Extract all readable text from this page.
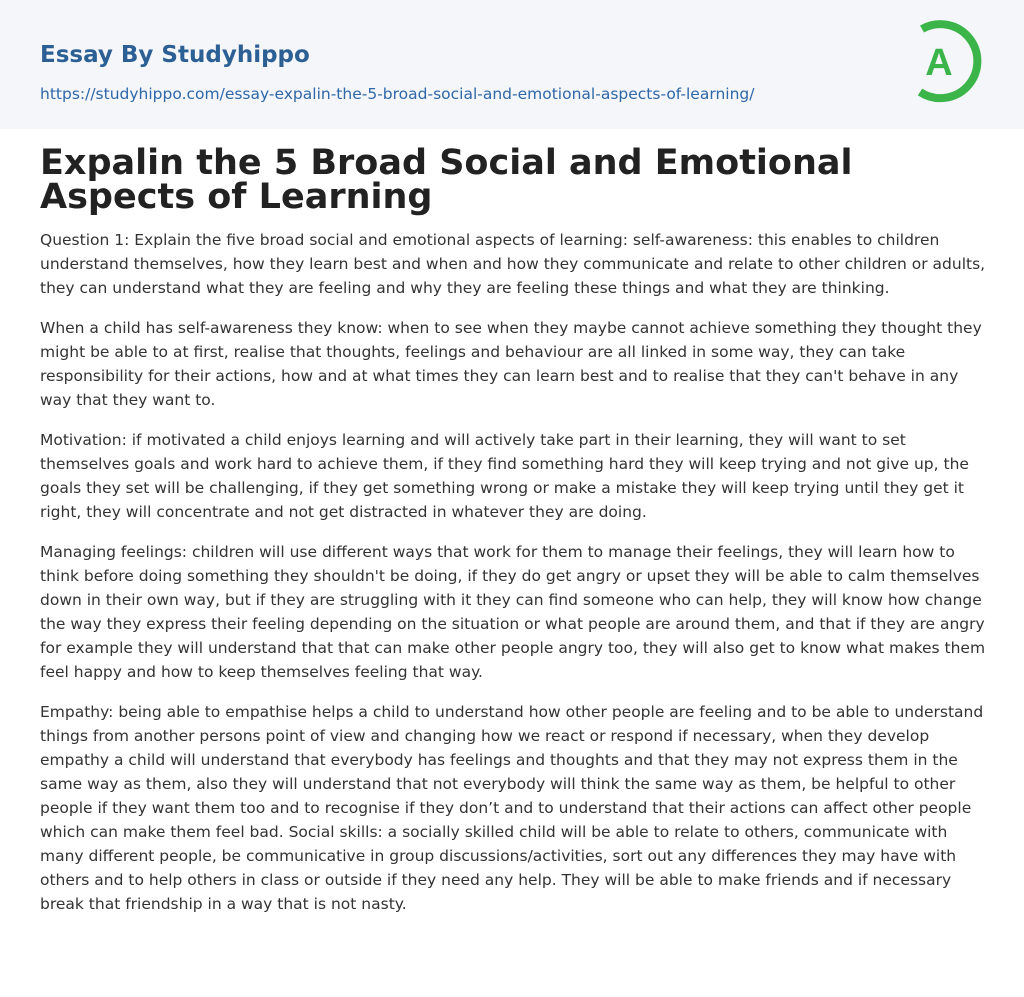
Essay By Studyhippo
https://studyhippo.com/essay-expalin-the-5-broad-social-and-emotional-aspects-of-learning/
A
Expalin the 5 Broad Social and Emotional Aspects of Learning

Question 1: Explain the five broad social and emotional aspects of learning: self-awareness: this enables to children understand themselves, how they learn best and when and how they communicate and relate to other children or adults, they can understand what they are feeling and why they are feeling these things and what they are thinking.

When a child has self-awareness they know: when to see when they maybe cannot achieve something they thought they might be able to at first, realise that thoughts, feelings and behaviour are all linked in some way, they can take responsibility for their actions, how and at what times they can learn best and to realise that they can't behave in any way that they want to.

Motivation: if motivated a child enjoys learning and will actively take part in their learning, they will want to set themselves goals and work hard to achieve them, if they find something hard they will keep trying and not give up, the goals they set will be challenging, if they get something wrong or make a mistake they will keep trying until they get it right, they will concentrate and not get distracted in whatever they are doing.

Managing feelings: children will use different ways that work for them to manage their feelings, they will learn how to think before doing something they shouldn't be doing, if they do get angry or upset they will be able to calm themselves down in their own way, but if they are struggling with it they can find someone who can help, they will know how change the way they express their feeling depending on the situation or what people are around them, and that if they are angry for example they will understand that that can make other people angry too, they will also get to know what makes them feel happy and how to keep themselves feeling that way.

Empathy: being able to empathise helps a child to understand how other people are feeling and to be able to understand things from another persons point of view and changing how we react or respond if necessary, when they develop empathy a child will understand that everybody has feelings and thoughts and that they may not express them in the same way as them, also they will understand that not everybody will think the same way as them, be helpful to other people if they want them too and to recognise if they don’t and to understand that their actions can affect other people which can make them feel bad. Social skills: a socially skilled child will be able to relate to others, communicate with many different people, be communicative in group discussions/activities, sort out any differences they may have with others and to help others in class or outside if they need any help. They will be able to make friends and if necessary break that friendship in a way that is not nasty.
